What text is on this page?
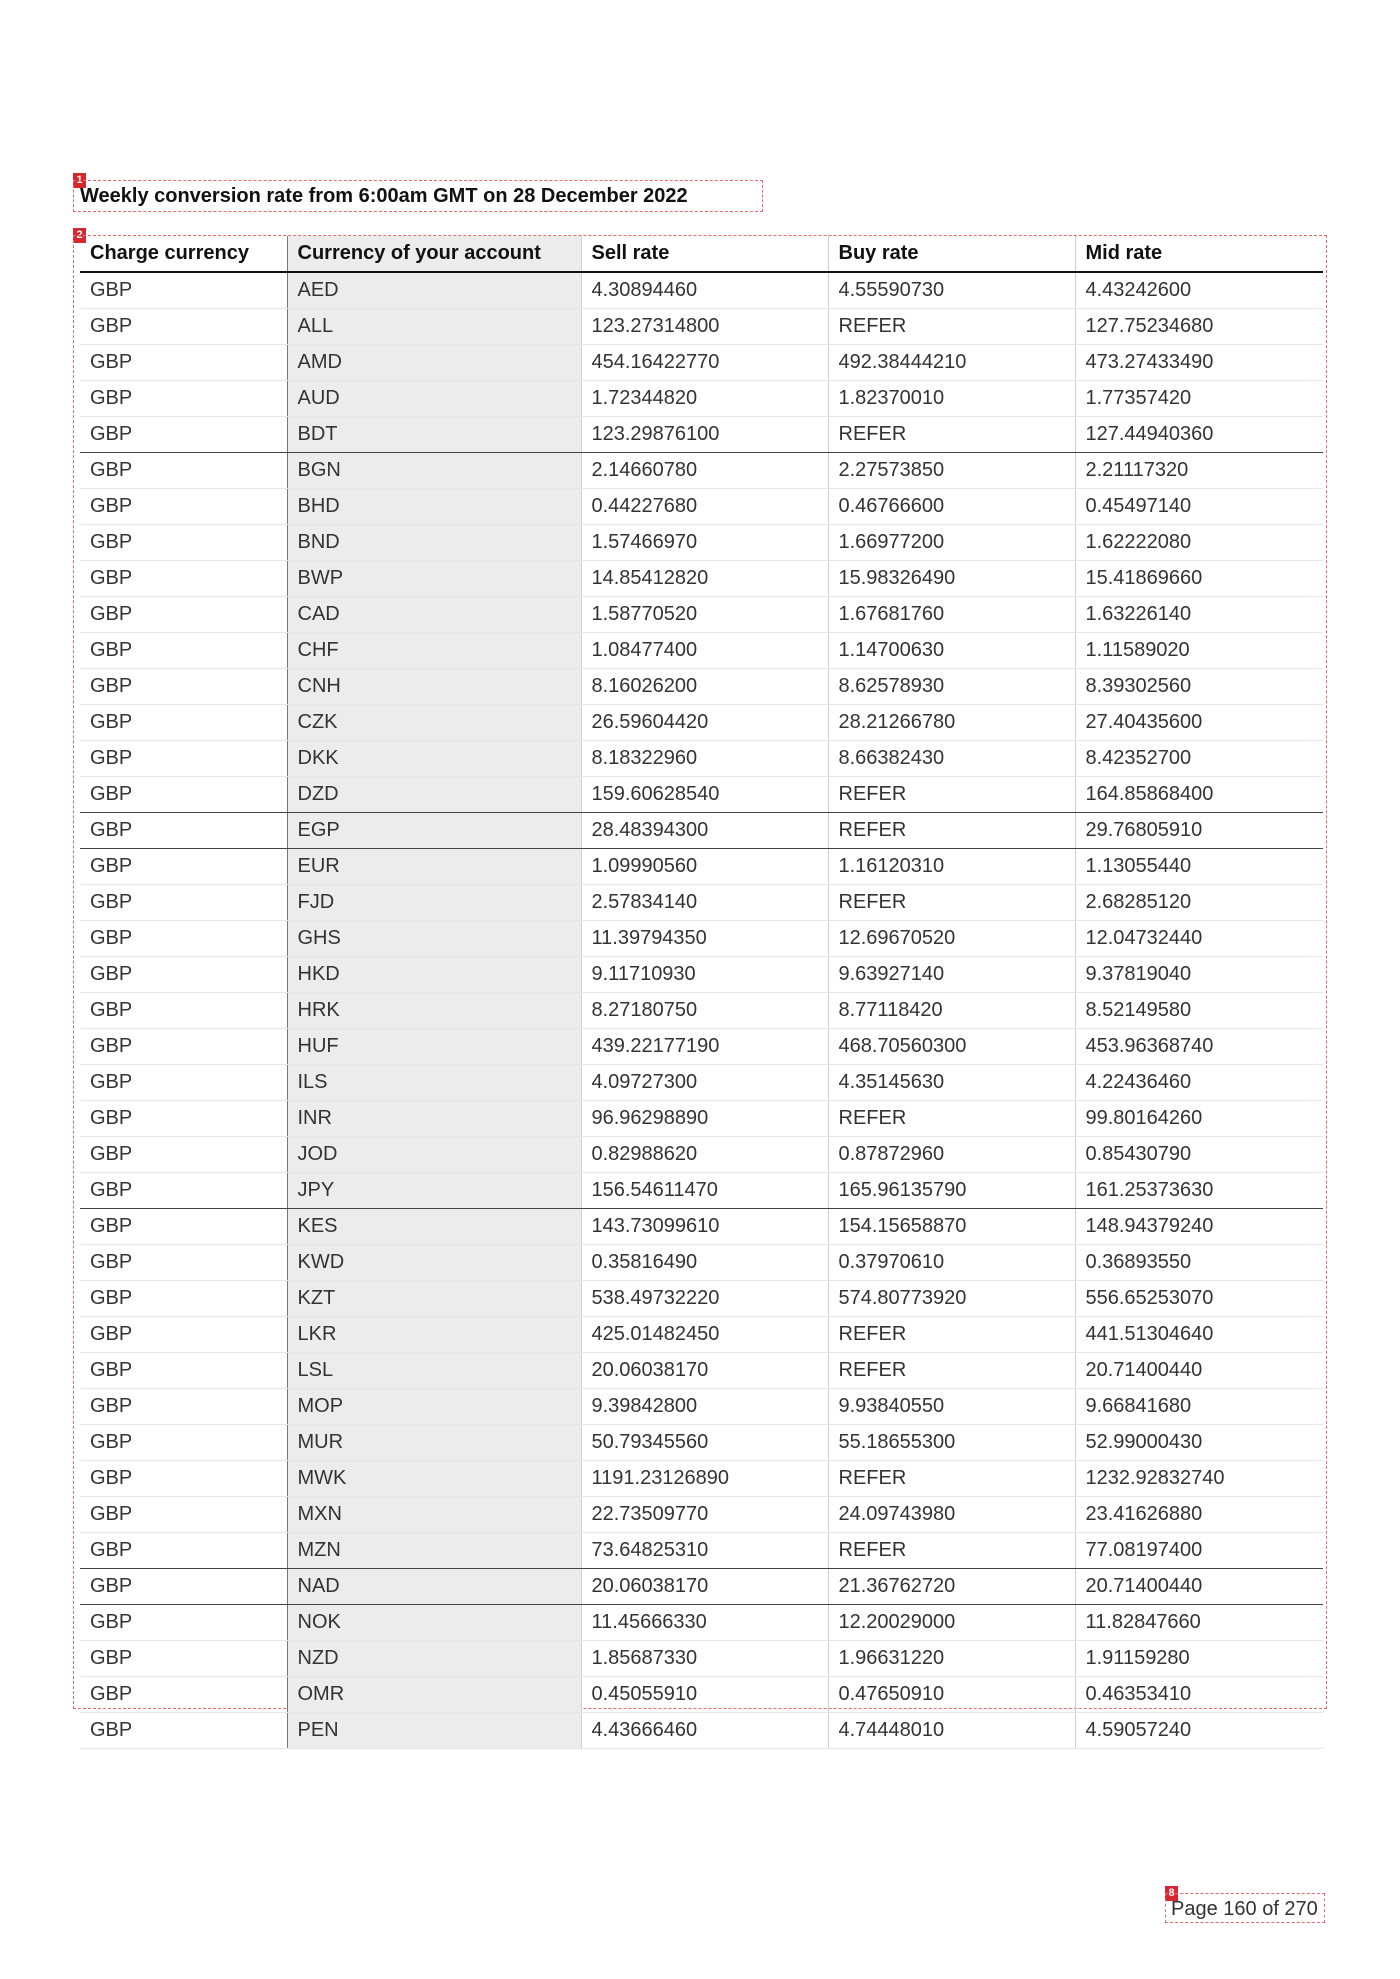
1
Weekly conversion rate from 6:00am GMT on 28 December 2022
2
Charge currency	Currency of your account	Sell rate	Buy rate	Mid rate
GBP	AED	4.30894460	4.55590730	4.43242600
GBP	ALL	123.27314800	REFER	127.75234680
GBP	AMD	454.16422770	492.38444210	473.27433490
GBP	AUD	1.72344820	1.82370010	1.77357420
GBP	BDT	123.29876100	REFER	127.44940360
GBP	BGN	2.14660780	2.27573850	2.21117320
GBP	BHD	0.44227680	0.46766600	0.45497140
GBP	BND	1.57466970	1.66977200	1.62222080
GBP	BWP	14.85412820	15.98326490	15.41869660
GBP	CAD	1.58770520	1.67681760	1.63226140
GBP	CHF	1.08477400	1.14700630	1.11589020
GBP	CNH	8.16026200	8.62578930	8.39302560
GBP	CZK	26.59604420	28.21266780	27.40435600
GBP	DKK	8.18322960	8.66382430	8.42352700
GBP	DZD	159.60628540	REFER	164.85868400
GBP	EGP	28.48394300	REFER	29.76805910
GBP	EUR	1.09990560	1.16120310	1.13055440
GBP	FJD	2.57834140	REFER	2.68285120
GBP	GHS	11.39794350	12.69670520	12.04732440
GBP	HKD	9.11710930	9.63927140	9.37819040
GBP	HRK	8.27180750	8.77118420	8.52149580
GBP	HUF	439.22177190	468.70560300	453.96368740
GBP	ILS	4.09727300	4.35145630	4.22436460
GBP	INR	96.96298890	REFER	99.80164260
GBP	JOD	0.82988620	0.87872960	0.85430790
GBP	JPY	156.54611470	165.96135790	161.25373630
GBP	KES	143.73099610	154.15658870	148.94379240
GBP	KWD	0.35816490	0.37970610	0.36893550
GBP	KZT	538.49732220	574.80773920	556.65253070
GBP	LKR	425.01482450	REFER	441.51304640
GBP	LSL	20.06038170	REFER	20.71400440
GBP	MOP	9.39842800	9.93840550	9.66841680
GBP	MUR	50.79345560	55.18655300	52.99000430
GBP	MWK	1191.23126890	REFER	1232.92832740
GBP	MXN	22.73509770	24.09743980	23.41626880
GBP	MZN	73.64825310	REFER	77.08197400
GBP	NAD	20.06038170	21.36762720	20.71400440
GBP	NOK	11.45666330	12.20029000	11.82847660
GBP	NZD	1.85687330	1.96631220	1.91159280
GBP	OMR	0.45055910	0.47650910	0.46353410
GBP	PEN	4.43666460	4.74448010	4.59057240
8
Page 160 of 270
